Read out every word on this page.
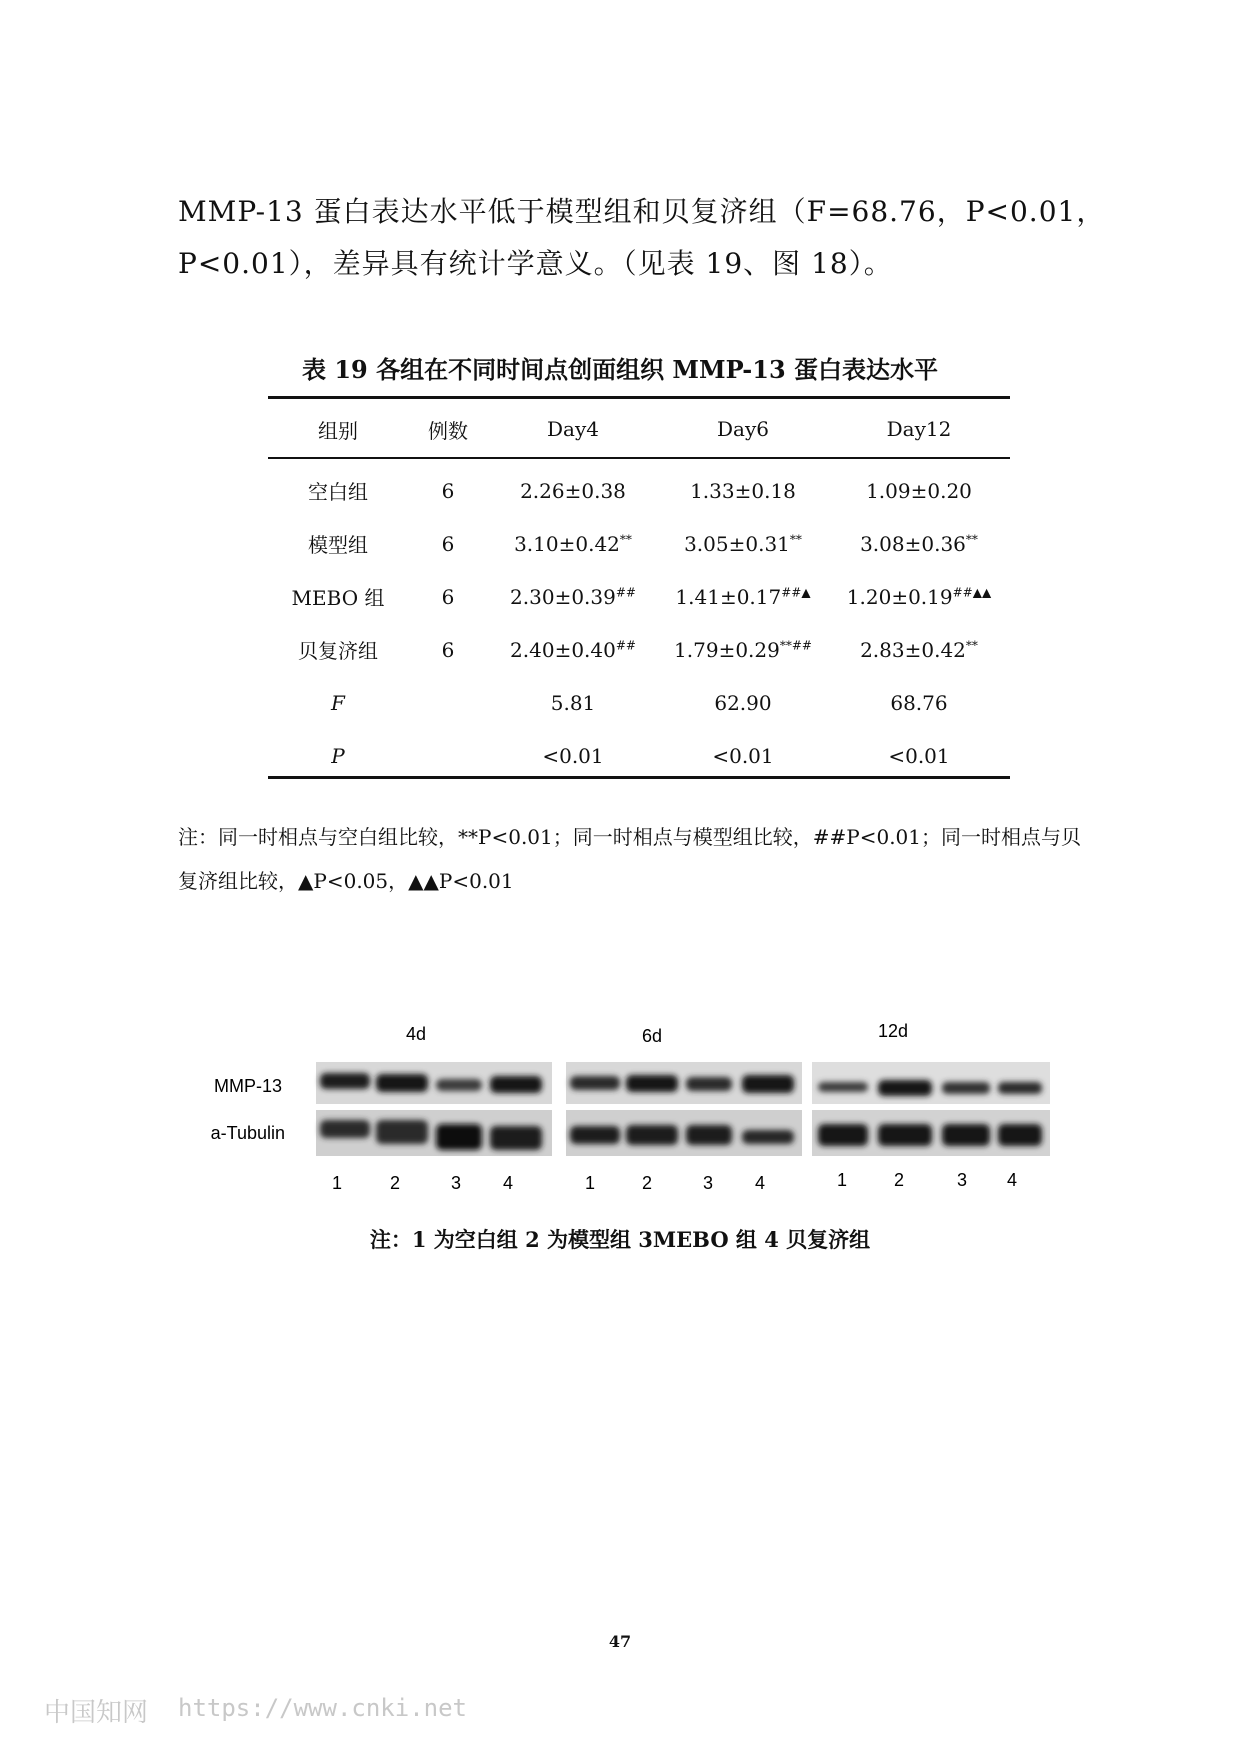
MMP-13 蛋白表达水平低于模型组和贝复济组（F=68.76，P<0.01，
P<0.01），差异具有统计学意义。（见表 19、图 18）。
表 19 各组在不同时间点创面组织 MMP-13 蛋白表达水平
组别	例数	Day4	Day6	Day12

空白组	6	2.26±0.38	1.33±0.18	1.09±0.20
模型组	6	3.10±0.42**	3.05±0.31**	3.08±0.36**
MEBO 组	6	2.30±0.39##	1.41±0.17##▲	1.20±0.19##▲▲
贝复济组	6	2.40±0.40##	1.79±0.29**##	2.83±0.42**
F		5.81	62.90	68.76
P		<0.01	<0.01	<0.01
注：同一时相点与空白组比较，**P<0.01；同一时相点与模型组比较，##P<0.01；同一时相点与贝
复济组比较，▲P<0.05，▲▲P<0.01
4d	6d	12d
MMP-13
a-Tubulin
1	2	3 4	1	2	3 4	1	2	3 4
注：1 为空白组 2 为模型组 3MEBO 组 4 贝复济组
47
中国知网 https://www.cnki.net
